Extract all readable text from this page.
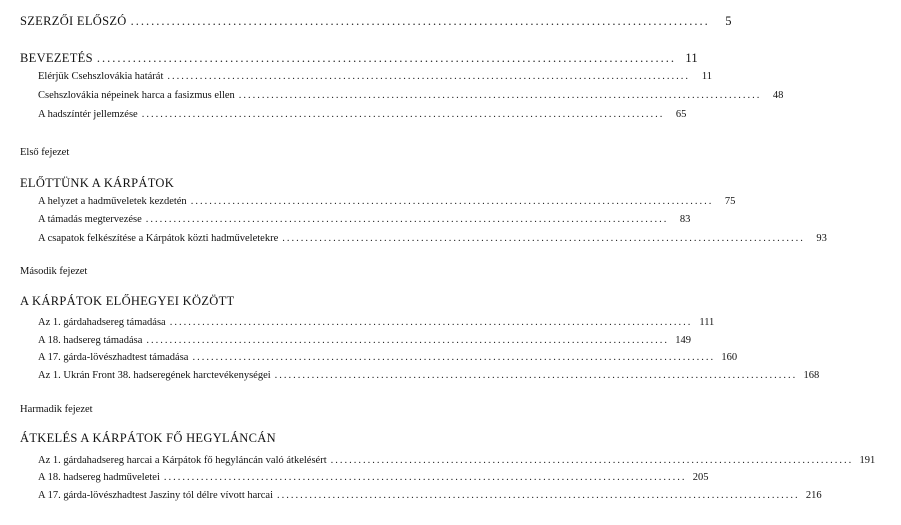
SZERZŐI ELŐSZÓ .................................................................................................................	5
BEVEZETÉS ................................................................................................................. 11
Elérjük Csehszlovákia határát .................................................................................................................	11
Csehszlovákia népeinek harca a fasizmus ellen .................................................................................................................	48
A hadszíntér jellemzése .................................................................................................................	65
Első fejezet
ELŐTTÜNK A KÁRPÁTOK
A helyzet a hadműveletek kezdetén .................................................................................................................	75
A támadás megtervezése .................................................................................................................	83
A csapatok felkészítése a Kárpátok közti hadműveletekre .................................................................................................................	93
Második fejezet
A KÁRPÁTOK ELŐHEGYEI KÖZÖTT
Az 1. gárdahadsereg támadása ................................................................................................................. 111
A 18. hadsereg támadása ................................................................................................................. 149
A 17. gárda-lövészhadtest támadása ................................................................................................................. 160
Az 1. Ukrán Front 38. hadseregének harctevékenységei ................................................................................................................. 168
Harmadik fejezet
ÁTKELÉS A KÁRPÁTOK FŐ HEGYLÁNCÁN
Az 1. gárdahadsereg harcai a Kárpátok fő hegyláncán való átkelésért ................................................................................................................. 191
A 18. hadsereg hadműveletei ................................................................................................................. 205
A 17. gárda-lövészhadtest Jasziny tól délre vívott harcai ................................................................................................................. 216
